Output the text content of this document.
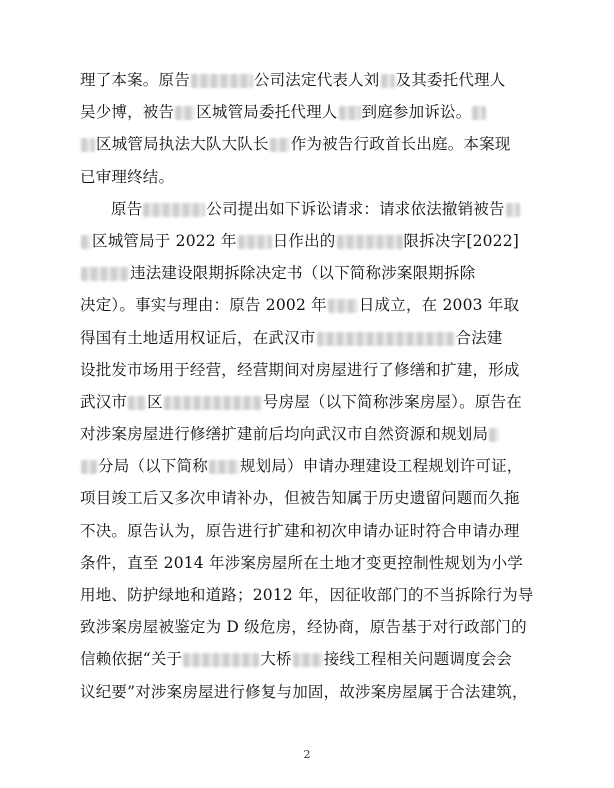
理了本案。原告	公司法定代表人刘 及其委托代理人
吴少博，被告 区城管局委托代理人 到庭参加诉讼。
区城管局执法大队大队长 作为被告行政首长出庭。本案现
已审理终结。
原告	公司提出如下诉讼请求：请求依法撤销被告
区城管局于 2022 年 日作出的	限拆决字[2022]
违法建设限期拆除决定书（以下简称涉案限期拆除
决定）。事实与理由：原告 2002 年 日成立，在 2003 年取
得国有土地适用权证后，在武汉市	合法建
设批发市场用于经营，经营期间对房屋进行了修缮和扩建，形成
武汉市 区	号房屋（以下简称涉案房屋）。原告在
对涉案房屋进行修缮扩建前后均向武汉市自然资源和规划局
分局（以下简称 规划局）申请办理建设工程规划许可证，
项目竣工后又多次申请补办，但被告知属于历史遗留问题而久拖
不决。原告认为，原告进行扩建和初次申请办证时符合申请办理
条件，直至 2014 年涉案房屋所在土地才变更控制性规划为小学
用地、防护绿地和道路；2012 年，因征收部门的不当拆除行为导
致涉案房屋被鉴定为 D 级危房，经协商，原告基于对行政部门的
信赖依据“关于	大桥 接线工程相关问题调度会会
议纪要”对涉案房屋进行修复与加固，故涉案房屋属于合法建筑，
2
